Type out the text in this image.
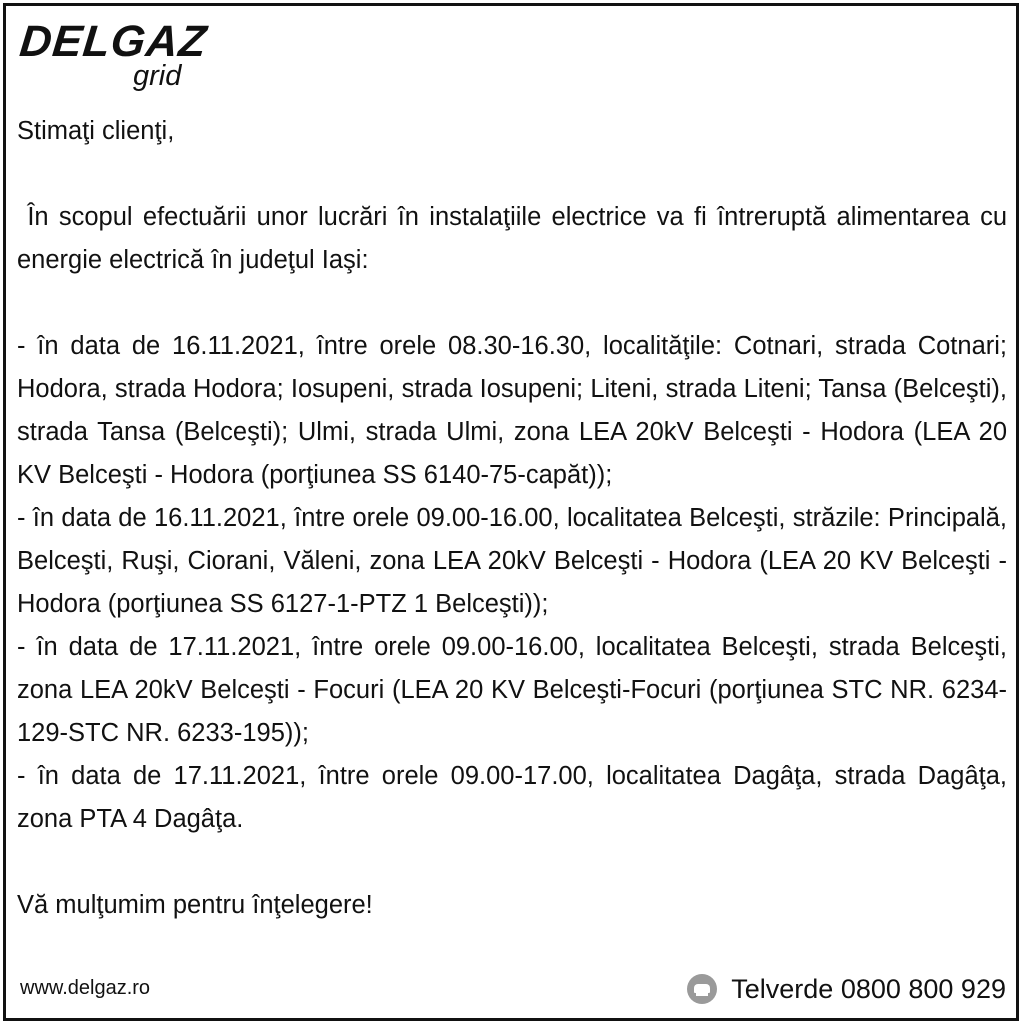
DELGAZ
grid

Stimaţi clienţi,

În scopul efectuării unor lucrări în instalaţiile electrice va fi întreruptă alimentarea cu energie electrică în judeţul Iaşi:

- în data de 16.11.2021, între orele 08.30-16.30, localităţile: Cotnari, strada Cotnari; Hodora, strada Hodora; Iosupeni, strada Iosupeni; Liteni, strada Liteni; Tansa (Belceşti), strada Tansa (Belceşti); Ulmi, strada Ulmi, zona LEA 20kV Belceşti - Hodora (LEA 20 KV Belceşti - Hodora (porţiunea SS 6140-75-capăt));

- în data de 16.11.2021, între orele 09.00-16.00, localitatea Belceşti, străzile: Principală, Belceşti, Ruşi, Ciorani, Văleni, zona LEA 20kV Belceşti - Hodora (LEA 20 KV Belceşti - Hodora (porţiunea SS 6127-1-PTZ 1 Belceşti));

- în data de 17.11.2021, între orele 09.00-16.00, localitatea Belceşti, strada Belceşti, zona LEA 20kV Belceşti - Focuri (LEA 20 KV Belceşti-Focuri (porţiunea STC NR. 6234-129-STC NR. 6233-195));

- în data de 17.11.2021, între orele 09.00-17.00, localitatea Dagâţa, strada Dagâţa, zona PTA 4 Dagâţa.

Vă mulţumim pentru înţelegere!

www.delgaz.ro	Telverde 0800 800 929
